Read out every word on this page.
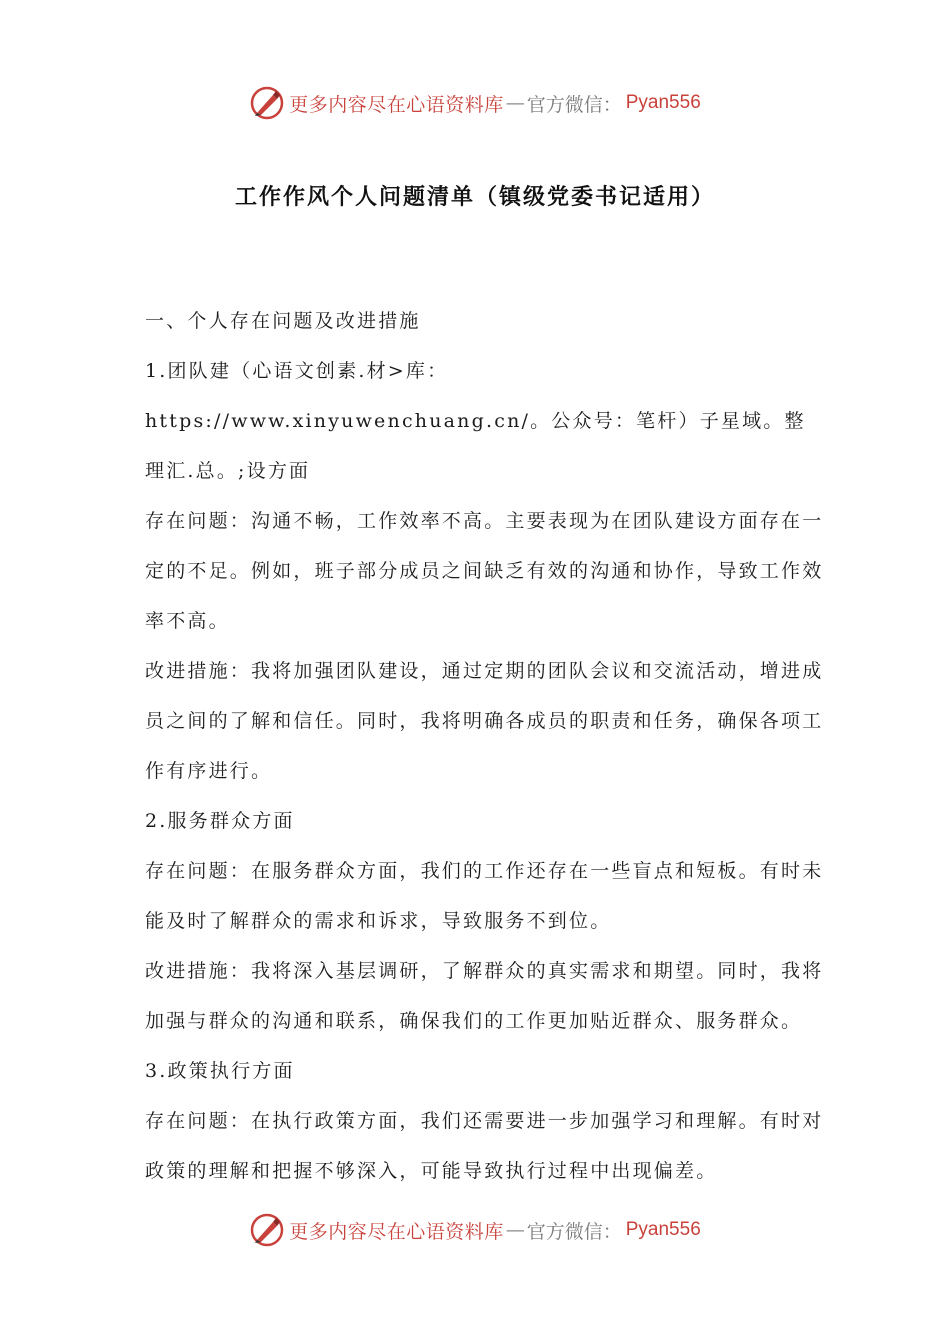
更多内容尽在心语资料库 — 官方微信： Pyan556
工作作风个人问题清单（镇级党委书记适用）

一、个人存在问题及改进措施

1.团队建（心语文创素.材>库：https://www.xinyuwenchuang.cn/。公众号：笔杆）子星域。整理汇.总。;设方面

存在问题：沟通不畅，工作效率不高。主要表现为在团队建设方面存在一定的不足。例如，班子部分成员之间缺乏有效的沟通和协作，导致工作效率不高。

改进措施：我将加强团队建设，通过定期的团队会议和交流活动，增进成员之间的了解和信任。同时，我将明确各成员的职责和任务，确保各项工作有序进行。

2.服务群众方面

存在问题：在服务群众方面，我们的工作还存在一些盲点和短板。有时未能及时了解群众的需求和诉求，导致服务不到位。

改进措施：我将深入基层调研，了解群众的真实需求和期望。同时，我将加强与群众的沟通和联系，确保我们的工作更加贴近群众、服务群众。

3.政策执行方面

存在问题：在执行政策方面，我们还需要进一步加强学习和理解。有时对政策的理解和把握不够深入，可能导致执行过程中出现偏差。

更多内容尽在心语资料库 — 官方微信： Pyan556
